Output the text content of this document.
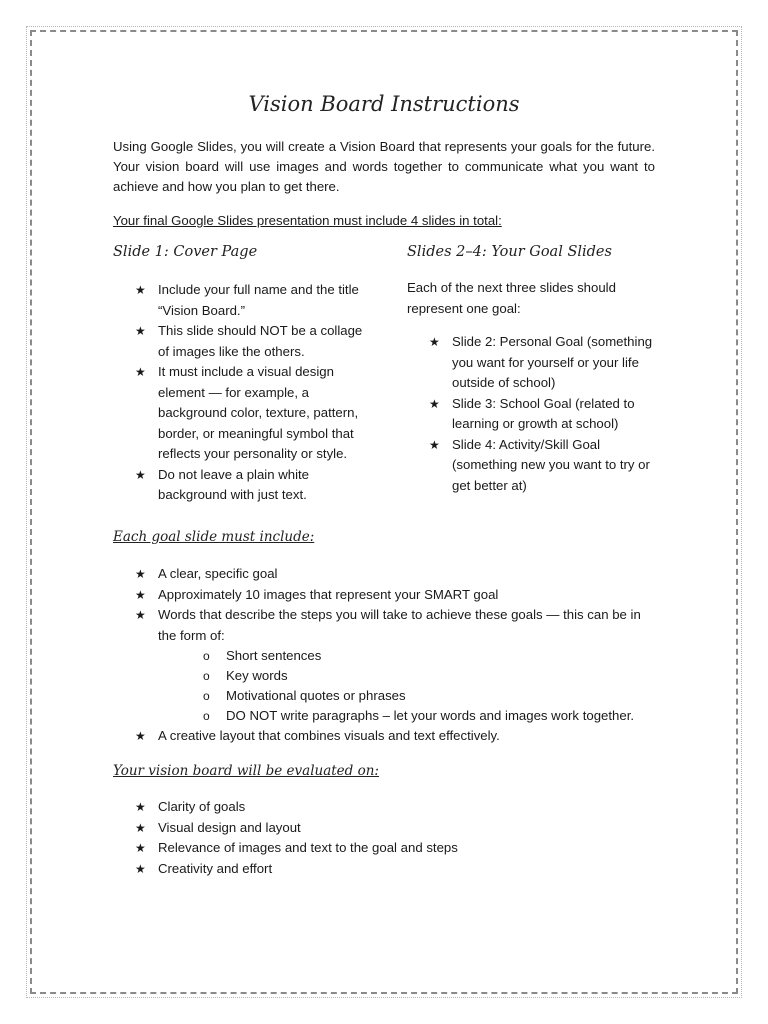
Vision Board Instructions
Using Google Slides, you will create a Vision Board that represents your goals for the future. Your vision board will use images and words together to communicate what you want to achieve and how you plan to get there.
Your final Google Slides presentation must include 4 slides in total:
Slide 1: Cover Page
★ Include your full name and the title “Vision Board.”
★ This slide should NOT be a collage of images like the others.
★ It must include a visual design element — for example, a background color, texture, pattern, border, or meaningful symbol that reflects your personality or style.
★ Do not leave a plain white background with just text.
Slides 2–4: Your Goal Slides
Each of the next three slides should represent one goal:
★ Slide 2: Personal Goal (something you want for yourself or your life outside of school)
★ Slide 3: School Goal (related to learning or growth at school)
★ Slide 4: Activity/Skill Goal (something new you want to try or get better at)
Each goal slide must include:
★ A clear, specific goal
★ Approximately 10 images that represent your SMART goal
★ Words that describe the steps you will take to achieve these goals — this can be in the form of:
o Short sentences
o Key words
o Motivational quotes or phrases
o DO NOT write paragraphs – let your words and images work together.
★ A creative layout that combines visuals and text effectively.
Your vision board will be evaluated on:
★ Clarity of goals
★ Visual design and layout
★ Relevance of images and text to the goal and steps
★ Creativity and effort
